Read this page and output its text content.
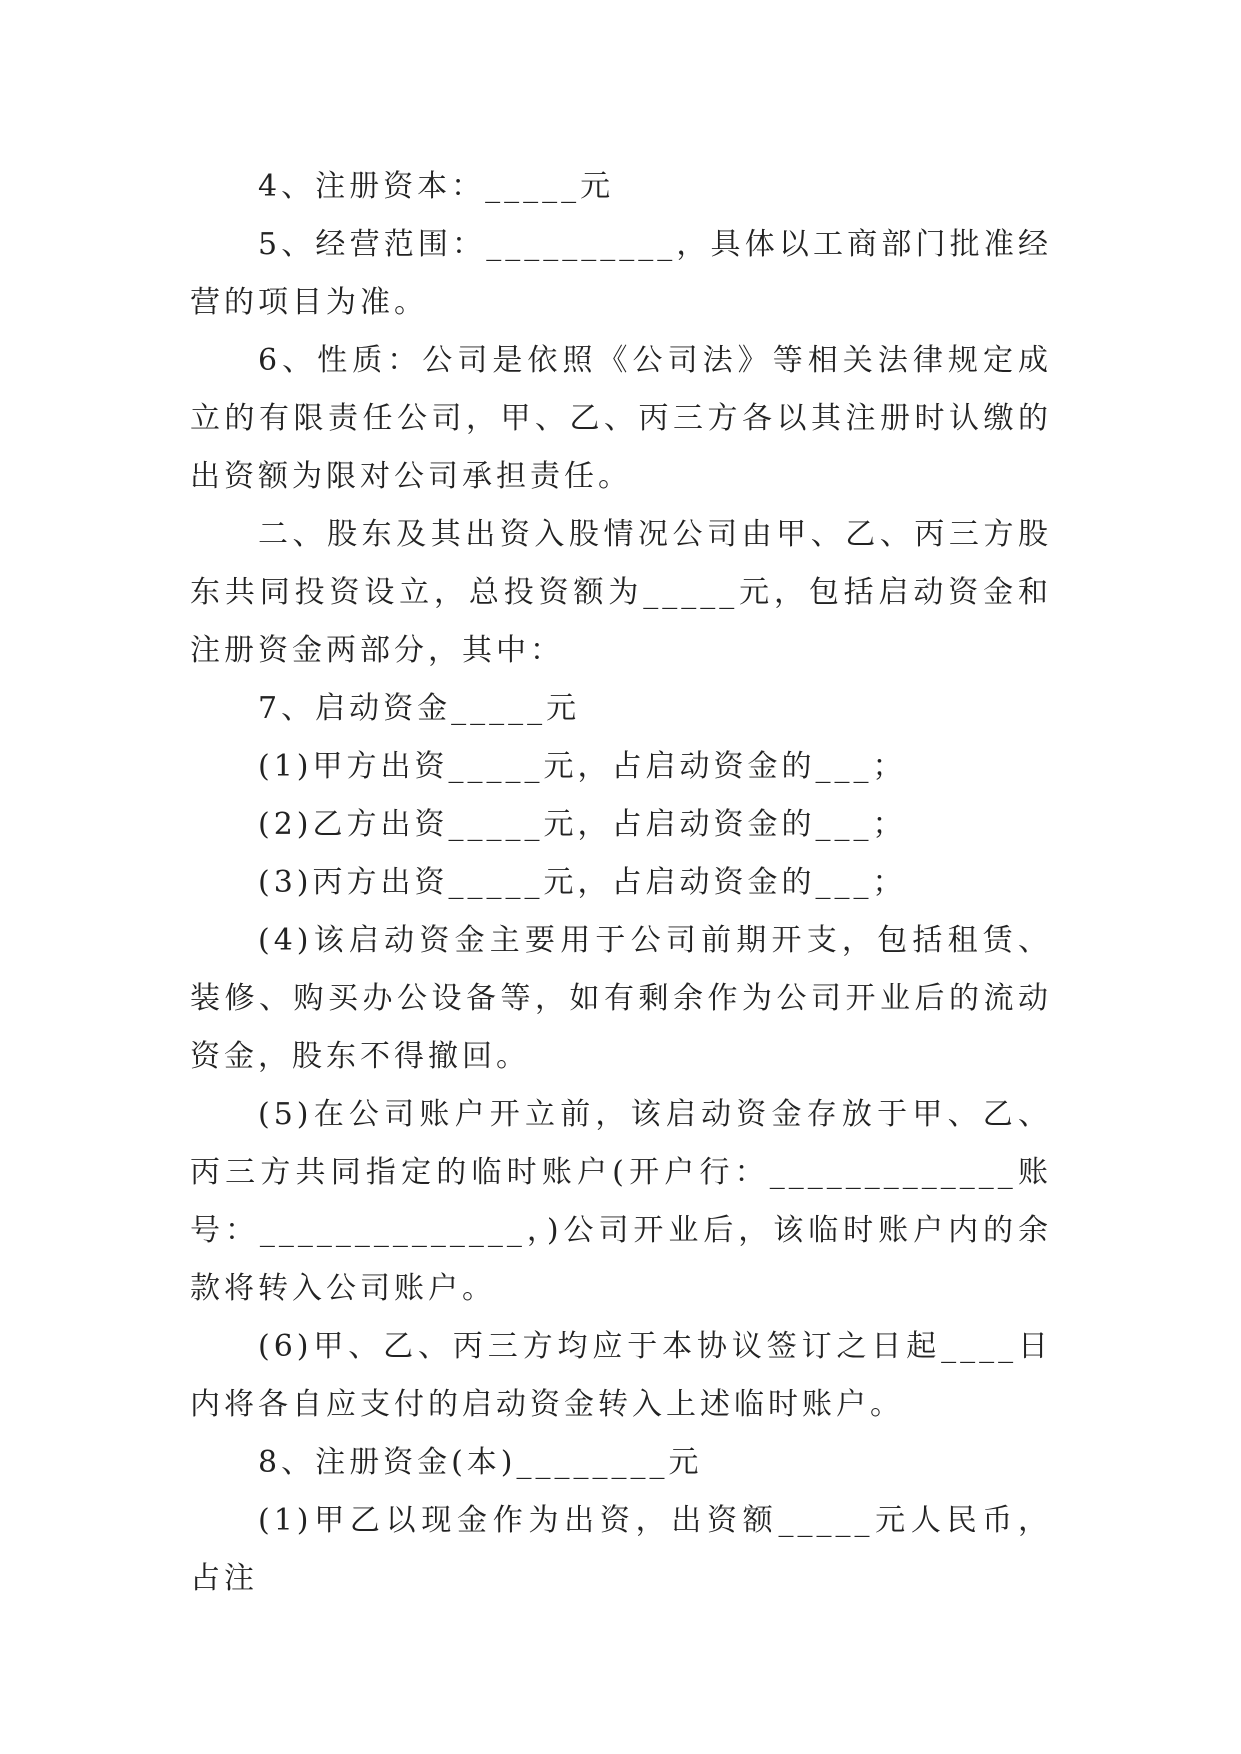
4、注册资本：_____元

5、经营范围：__________，具体以工商部门批准经营的项目为准。

6、性质：公司是依照《公司法》等相关法律规定成立的有限责任公司，甲、乙、丙三方各以其注册时认缴的出资额为限对公司承担责任。

二、股东及其出资入股情况公司由甲、乙、丙三方股东共同投资设立，总投资额为_____元，包括启动资金和注册资金两部分，其中：

7、启动资金_____元

(1)甲方出资_____元，占启动资金的___；

(2)乙方出资_____元，占启动资金的___；

(3)丙方出资_____元，占启动资金的___；

(4)该启动资金主要用于公司前期开支，包括租赁、装修、购买办公设备等，如有剩余作为公司开业后的流动资金，股东不得撤回。

(5)在公司账户开立前，该启动资金存放于甲、乙、丙三方共同指定的临时账户(开户行：_____________账号：______________，)公司开业后，该临时账户内的余款将转入公司账户。

(6)甲、乙、丙三方均应于本协议签订之日起____日内将各自应支付的启动资金转入上述临时账户。

8、注册资金(本)________元

(1)甲乙以现金作为出资，出资额_____元人民币，占注
